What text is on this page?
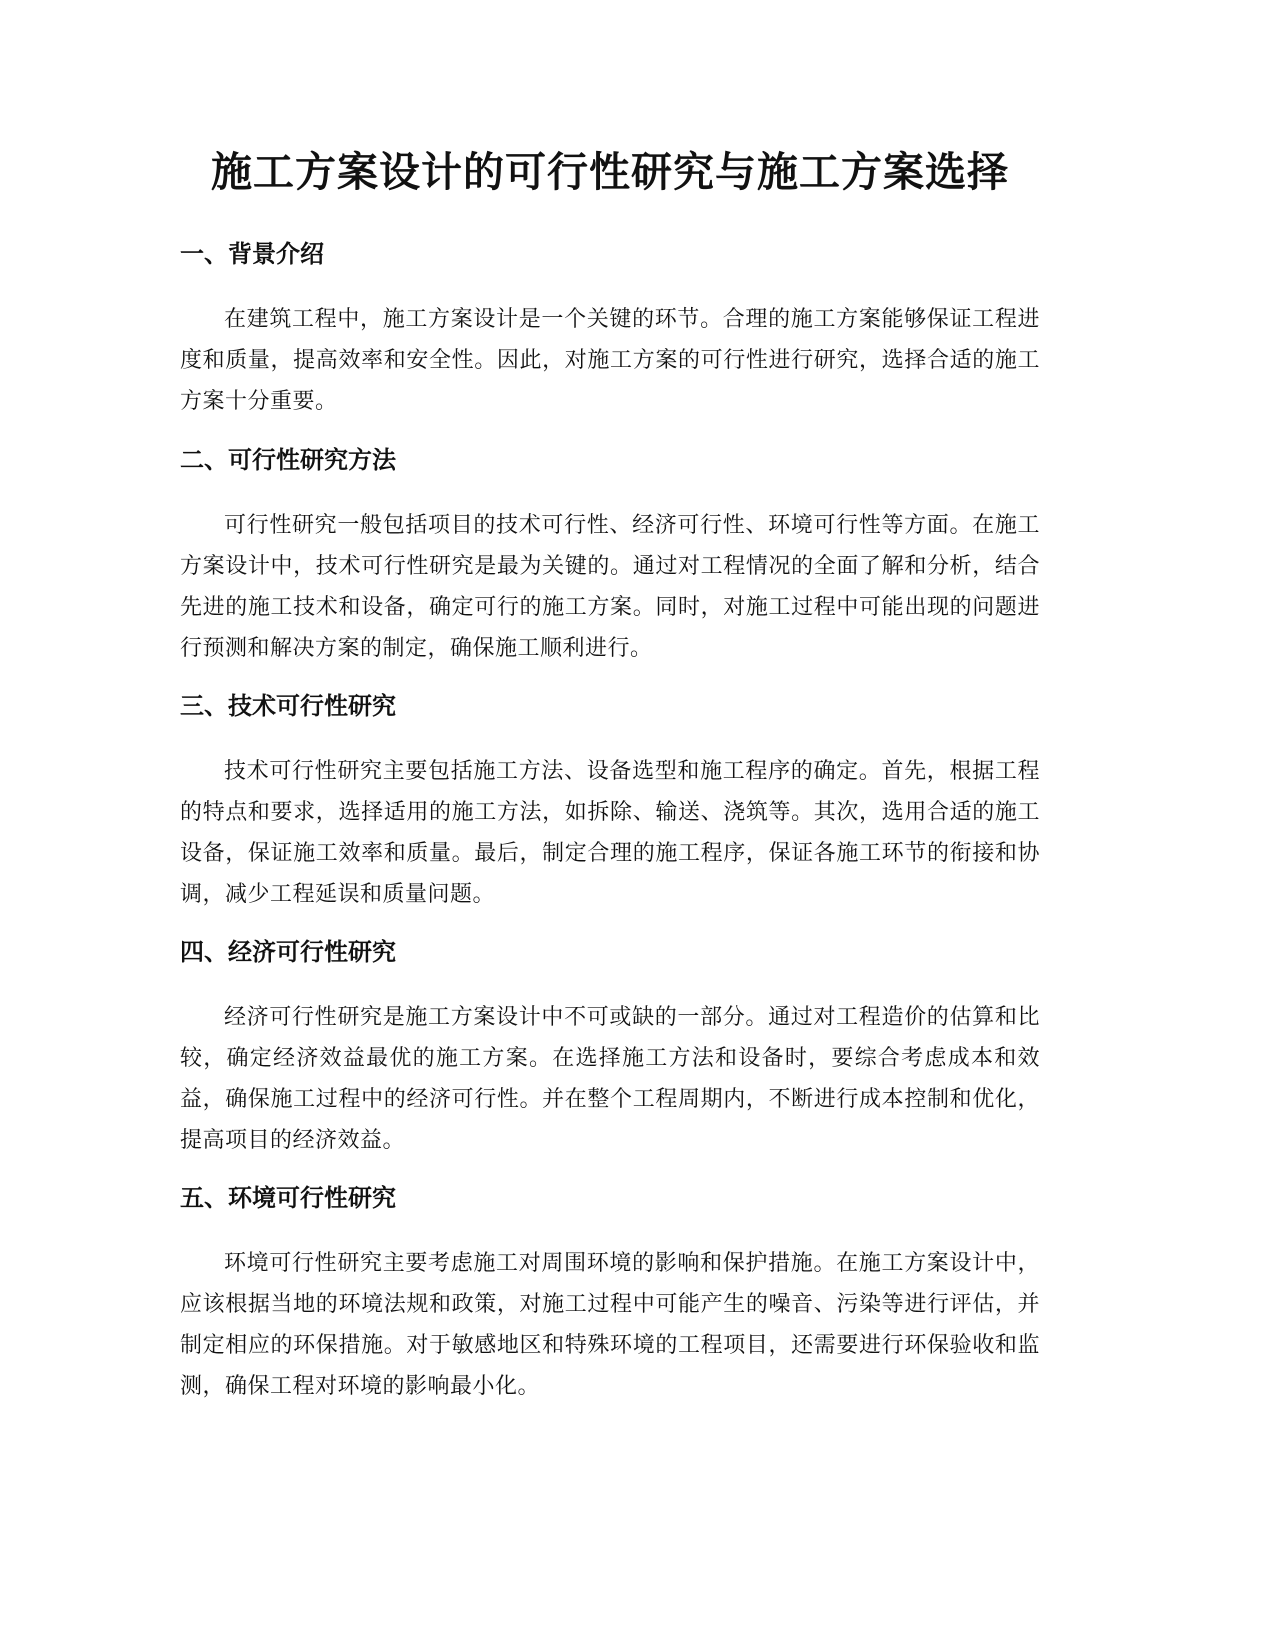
施工方案设计的可行性研究与施工方案选择
一、背景介绍

在建筑工程中，施工方案设计是一个关键的环节。合理的施工方案能够保证工程进度和质量，提高效率和安全性。因此，对施工方案的可行性进行研究，选择合适的施工方案十分重要。

二、可行性研究方法

可行性研究一般包括项目的技术可行性、经济可行性、环境可行性等方面。在施工方案设计中，技术可行性研究是最为关键的。通过对工程情况的全面了解和分析，结合先进的施工技术和设备，确定可行的施工方案。同时，对施工过程中可能出现的问题进行预测和解决方案的制定，确保施工顺利进行。

三、技术可行性研究

技术可行性研究主要包括施工方法、设备选型和施工程序的确定。首先，根据工程的特点和要求，选择适用的施工方法，如拆除、输送、浇筑等。其次，选用合适的施工设备，保证施工效率和质量。最后，制定合理的施工程序，保证各施工环节的衔接和协调，减少工程延误和质量问题。

四、经济可行性研究

经济可行性研究是施工方案设计中不可或缺的一部分。通过对工程造价的估算和比较，确定经济效益最优的施工方案。在选择施工方法和设备时，要综合考虑成本和效益，确保施工过程中的经济可行性。并在整个工程周期内，不断进行成本控制和优化，提高项目的经济效益。

五、环境可行性研究

环境可行性研究主要考虑施工对周围环境的影响和保护措施。在施工方案设计中，应该根据当地的环境法规和政策，对施工过程中可能产生的噪音、污染等进行评估，并制定相应的环保措施。对于敏感地区和特殊环境的工程项目，还需要进行环保验收和监测，确保工程对环境的影响最小化。
